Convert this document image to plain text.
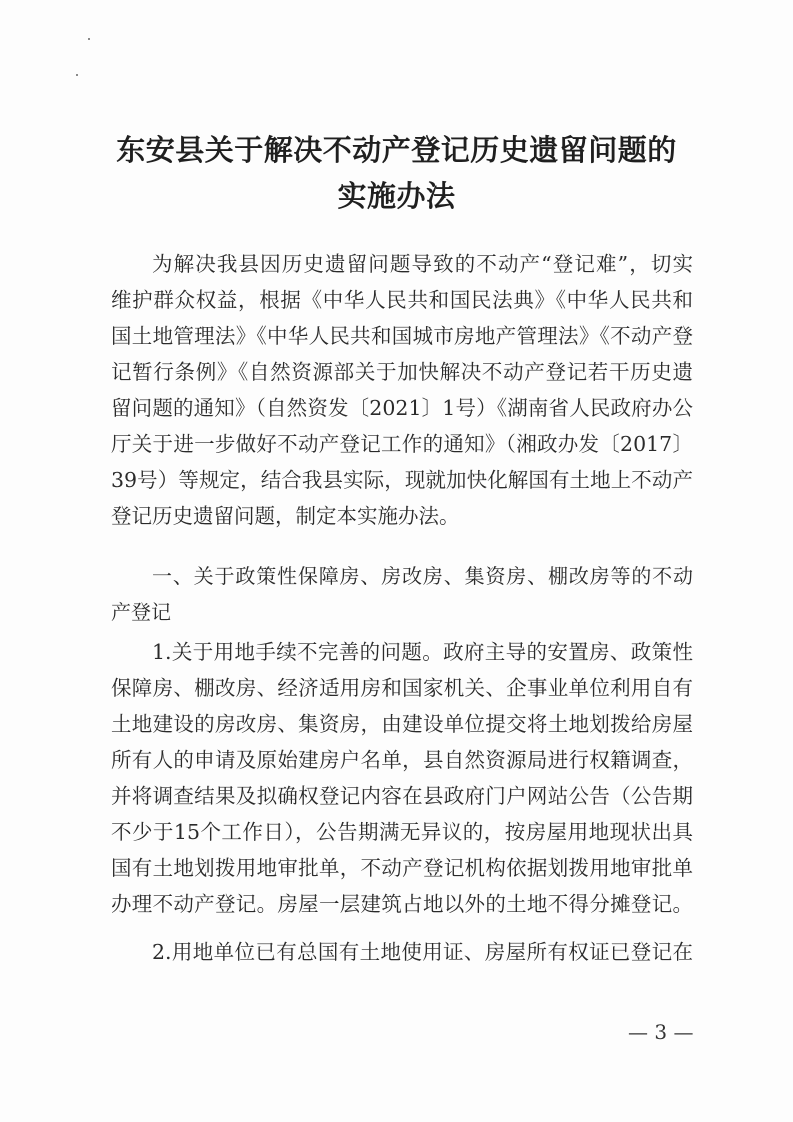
东安县关于解决不动产登记历史遗留问题的
实施办法
为解决我县因历史遗留问题导致的不动产“登记难”，切实
维护群众权益，根据《中华人民共和国民法典》《中华人民共和
国土地管理法》《中华人民共和国城市房地产管理法》《不动产登
记暂行条例》《自然资源部关于加快解决不动产登记若干历史遗
留问题的通知》（自然资发〔2021〕1号）《湖南省人民政府办公
厅关于进一步做好不动产登记工作的通知》（湘政办发〔2017〕
39号）等规定，结合我县实际，现就加快化解国有土地上不动产
登记历史遗留问题，制定本实施办法。
一、关于政策性保障房、房改房、集资房、棚改房等的不动
产登记
1.关于用地手续不完善的问题。政府主导的安置房、政策性
保障房、棚改房、经济适用房和国家机关、企事业单位利用自有
土地建设的房改房、集资房，由建设单位提交将土地划拨给房屋
所有人的申请及原始建房户名单，县自然资源局进行权籍调查，
并将调查结果及拟确权登记内容在县政府门户网站公告（公告期
不少于15个工作日），公告期满无异议的，按房屋用地现状出具
国有土地划拨用地审批单，不动产登记机构依据划拨用地审批单
办理不动产登记。房屋一层建筑占地以外的土地不得分摊登记。
2.用地单位已有总国有土地使用证、房屋所有权证已登记在
— 3 —
